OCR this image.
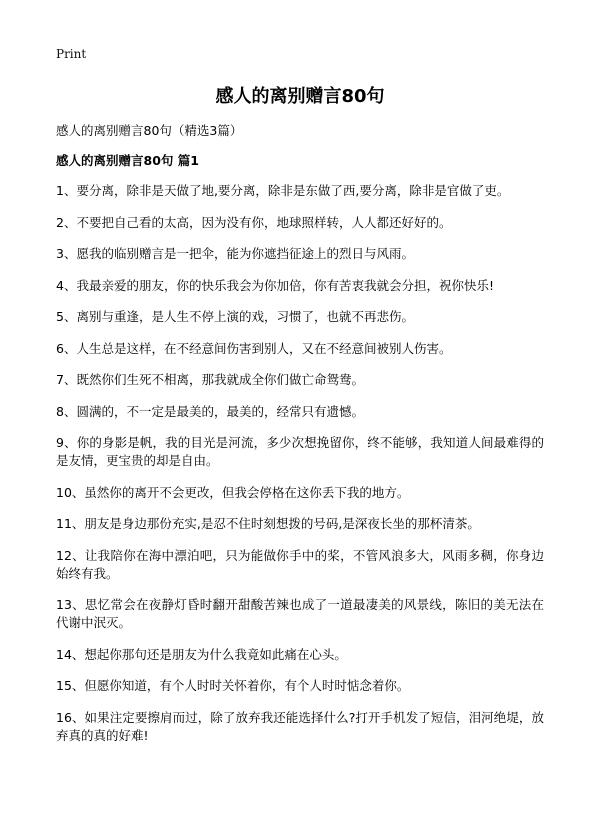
Print

感人的离别赠言80句

感人的离别赠言80句（精选3篇）

感人的离别赠言80句 篇1

1、要分离，除非是天做了地,要分离，除非是东做了西,要分离，除非是官做了吏。
2、不要把自己看的太高，因为没有你，地球照样转，人人都还好好的。
3、愿我的临别赠言是一把伞，能为你遮挡征途上的烈日与风雨。
4、我最亲爱的朋友，你的快乐我会为你加倍，你有苦衷我就会分担，祝你快乐!
5、离别与重逢，是人生不停上演的戏，习惯了，也就不再悲伤。
6、人生总是这样，在不经意间伤害到别人，又在不经意间被别人伤害。
7、既然你们生死不相离，那我就成全你们做亡命鸳鸯。
8、圆满的，不一定是最美的，最美的，经常只有遗憾。
9、你的身影是帆，我的目光是河流，多少次想挽留你，终不能够，我知道人间最难得的是友情，更宝贵的却是自由。
10、虽然你的离开不会更改，但我会停格在这你丢下我的地方。
11、朋友是身边那份充实,是忍不住时刻想拨的号码,是深夜长坐的那杯清茶。
12、让我陪你在海中漂泊吧，只为能做你手中的桨，不管风浪多大，风雨多稠，你身边始终有我。
13、思忆常会在夜静灯昏时翻开甜酸苦辣也成了一道最凄美的风景线，陈旧的美无法在代谢中泯灭。
14、想起你那句还是朋友为什么我竟如此痛在心头。
15、但愿你知道，有个人时时关怀着你，有个人时时惦念着你。
16、如果注定要擦肩而过，除了放弃我还能选择什么?打开手机发了短信，泪河绝堤，放弃真的真的好难!
